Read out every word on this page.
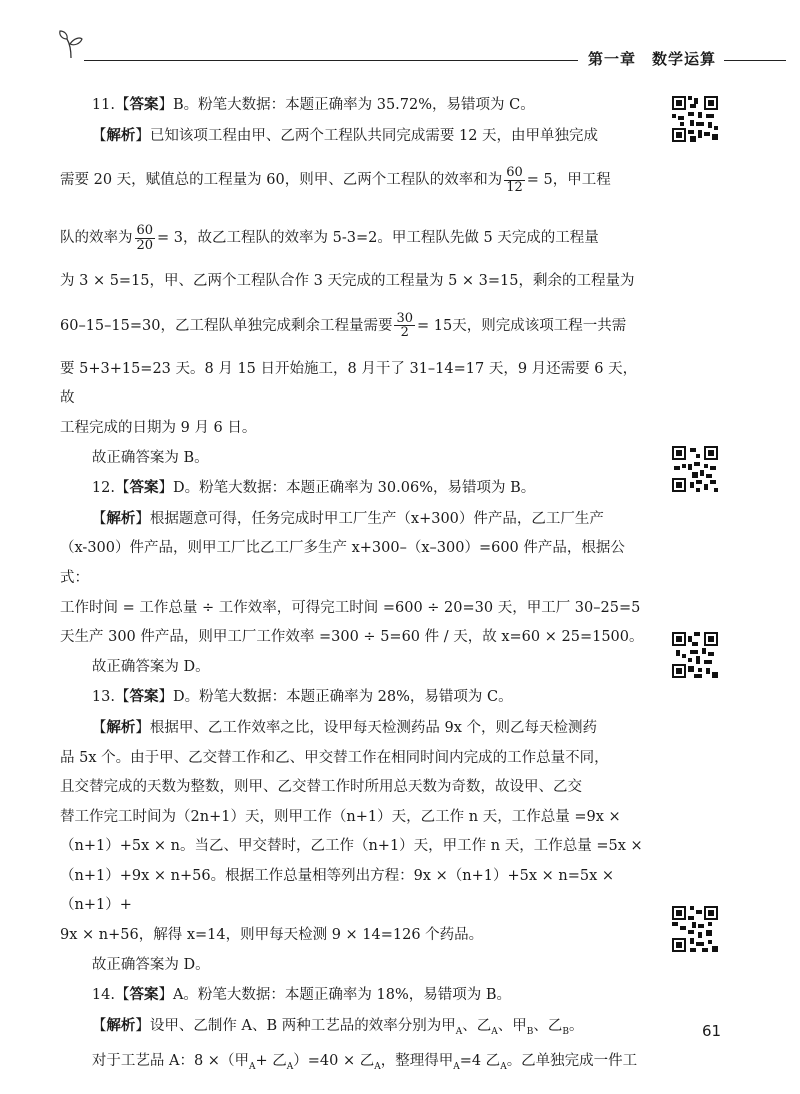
第一章　数学运算

11.【答案】B。粉笔大数据：本题正确率为 35.72%，易错项为 C。

【解析】已知该项工程由甲、乙两个工程队共同完成需要 12 天，由甲单独完成

需要 20 天，赋值总的工程量为 60，则甲、乙两个工程队的效率和为 $\frac{60}{12} = 5$，甲工程

队的效率为 $\frac{60}{20} = 3$，故乙工程队的效率为 5-3=2。甲工程队先做 5 天完成的工程量

为 3 × 5=15，甲、乙两个工程队合作 3 天完成的工程量为 5 × 3=15，剩余的工程量为

60–15–15=30，乙工程队单独完成剩余工程量需要 $\frac{30}{2} = 15$天，则完成该项工程一共需

要 5+3+15=23 天。8 月 15 日开始施工，8 月干了 31–14=17 天，9 月还需要 6 天，故

工程完成的日期为 9 月 6 日。

故正确答案为 B。

12.【答案】D。粉笔大数据：本题正确率为 30.06%，易错项为 B。

【解析】根据题意可得，任务完成时甲工厂生产（x+300）件产品，乙工厂生产

（x-300）件产品，则甲工厂比乙工厂多生产 x+300–（x–300）=600 件产品，根据公式：

工作时间 = 工作总量 ÷ 工作效率，可得完工时间 =600 ÷ 20=30 天，甲工厂 30–25=5

天生产 300 件产品，则甲工厂工作效率 =300 ÷ 5=60 件 / 天，故 x=60 × 25=1500。

故正确答案为 D。

13.【答案】D。粉笔大数据：本题正确率为 28%，易错项为 C。

【解析】根据甲、乙工作效率之比，设甲每天检测药品 9x 个，则乙每天检测药

品 5x 个。由于甲、乙交替工作和乙、甲交替工作在相同时间内完成的工作总量不同，

且交替完成的天数为整数，则甲、乙交替工作时所用总天数为奇数，故设甲、乙交

替工作完工时间为（2n+1）天，则甲工作（n+1）天，乙工作 n 天，工作总量 =9x ×

（n+1）+5x × n。当乙、甲交替时，乙工作（n+1）天，甲工作 n 天，工作总量 =5x ×

（n+1）+9x × n+56。根据工作总量相等列出方程：9x ×（n+1）+5x × n=5x ×（n+1）+

9x × n+56，解得 x=14，则甲每天检测 9 × 14=126 个药品。

故正确答案为 D。

14.【答案】A。粉笔大数据：本题正确率为 18%，易错项为 B。

【解析】设甲、乙制作 A、B 两种工艺品的效率分别为甲$_A$、乙$_A$、甲$_B$、乙$_B$。

对于工艺品 A：8 ×（甲$_A$+ 乙$_A$）=40 × 乙$_A$，整理得甲$_A$=4 乙$_A$。乙单独完成一件工

61
